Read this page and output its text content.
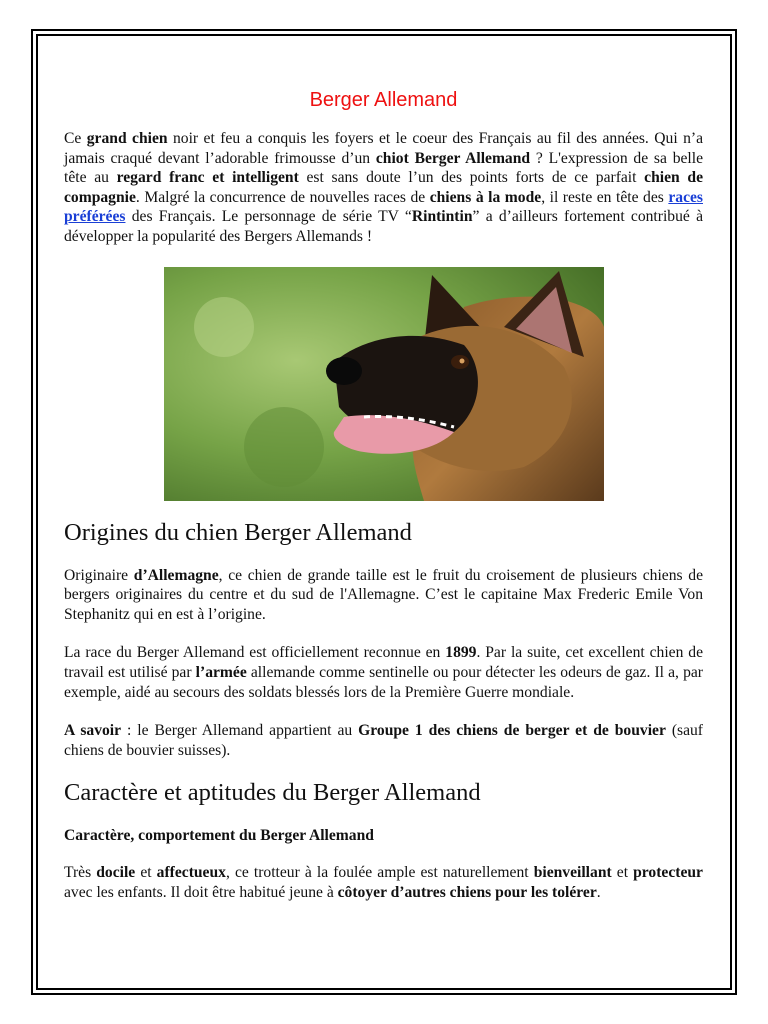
Berger Allemand

Ce grand chien noir et feu a conquis les foyers et le coeur des Français au fil des années. Qui n’a jamais craqué devant l’adorable frimousse d’un chiot Berger Allemand ? L'expression de sa belle tête au regard franc et intelligent est sans doute l’un des points forts de ce parfait chien de compagnie. Malgré la concurrence de nouvelles races de chiens à la mode, il reste en tête des races préférées des Français. Le personnage de série TV “Rintintin” a d’ailleurs fortement contribué à développer la popularité des Bergers Allemands !

Origines du chien Berger Allemand

Originaire d’Allemagne, ce chien de grande taille est le fruit du croisement de plusieurs chiens de bergers originaires du centre et du sud de l'Allemagne. C’est le capitaine Max Frederic Emile Von Stephanitz qui en est à l’origine.

La race du Berger Allemand est officiellement reconnue en 1899. Par la suite, cet excellent chien de travail est utilisé par l’armée allemande comme sentinelle ou pour détecter les odeurs de gaz. Il a, par exemple, aidé au secours des soldats blessés lors de la Première Guerre mondiale.

A savoir : le Berger Allemand appartient au Groupe 1 des chiens de berger et de bouvier (sauf chiens de bouvier suisses).

Caractère et aptitudes du Berger Allemand
Caractère, comportement du Berger Allemand

Très docile et affectueux, ce trotteur à la foulée ample est naturellement bienveillant et protecteur avec les enfants. Il doit être habitué jeune à côtoyer d’autres chiens pour les tolérer.
